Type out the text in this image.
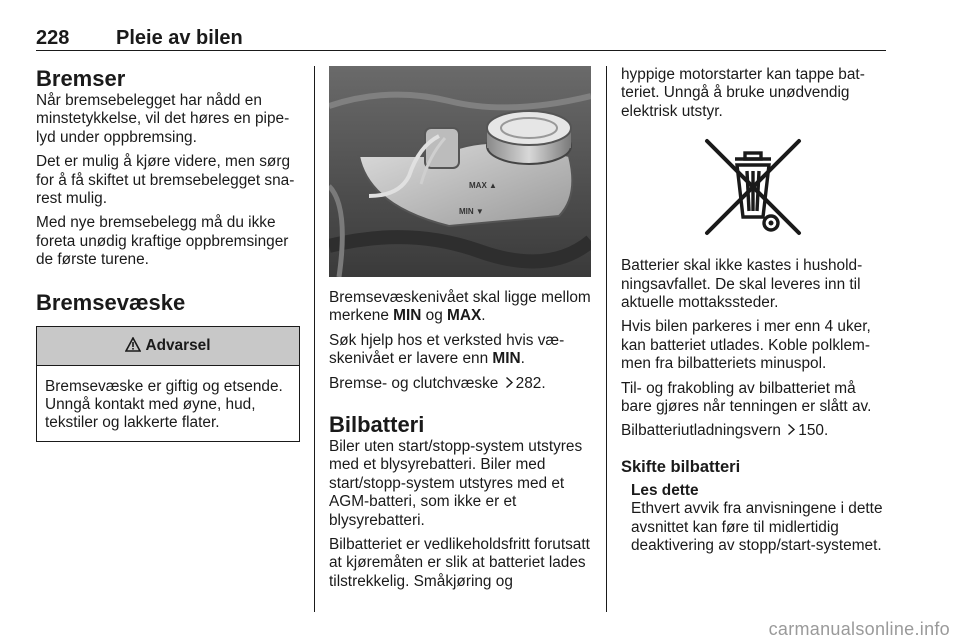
228 Pleie av bilen
Bremser

Når bremsebelegget har nådd en minstetykkelse, vil det høres en pipelyd under oppbremsing.

Det er mulig å kjøre videre, men sørg for å få skiftet ut bremsebelegget snarest mulig.

Med nye bremsebelegg må du ikke foreta unødig kraftige oppbremsinger de første turene.

Bremsevæske
Advarsel

Bremsevæske er giftig og etsende. Unngå kontakt med øyne, hud, tekstiler og lakkerte flater.

MAX ▲
MIN ▼

Bremsevæskenivået skal ligge mellom merkene MIN og MAX.

Søk hjelp hos et verksted hvis væskenivået er lavere enn MIN.

Bremse- og clutchvæske 282.

Bilbatteri

Biler uten start/stopp-system utstyres med et blysyrebatteri. Biler med start/stopp-system utstyres med et AGM-batteri, som ikke er et blysyrebatteri.

Bilbatteriet er vedlikeholdsfritt forutsatt at kjøremåten er slik at batteriet lades tilstrekkelig. Småkjøring og

hyppige motorstarter kan tappe batteriet. Unngå å bruke unødvendig elektrisk utstyr.

Batterier skal ikke kastes i husholdningsavfallet. De skal leveres inn til aktuelle mottakssteder.

Hvis bilen parkeres i mer enn 4 uker, kan batteriet utlades. Koble polklemmen fra bilbatteriets minuspol.

Til- og frakobling av bilbatteriet må bare gjøres når tenningen er slått av.

Bilbatteriutladningsvern 150.

Skifte bilbatteri

Les dette

Ethvert avvik fra anvisningene i dette avsnittet kan føre til midlertidig deaktivering av stopp/start-systemet.

carmanualsonline.info
